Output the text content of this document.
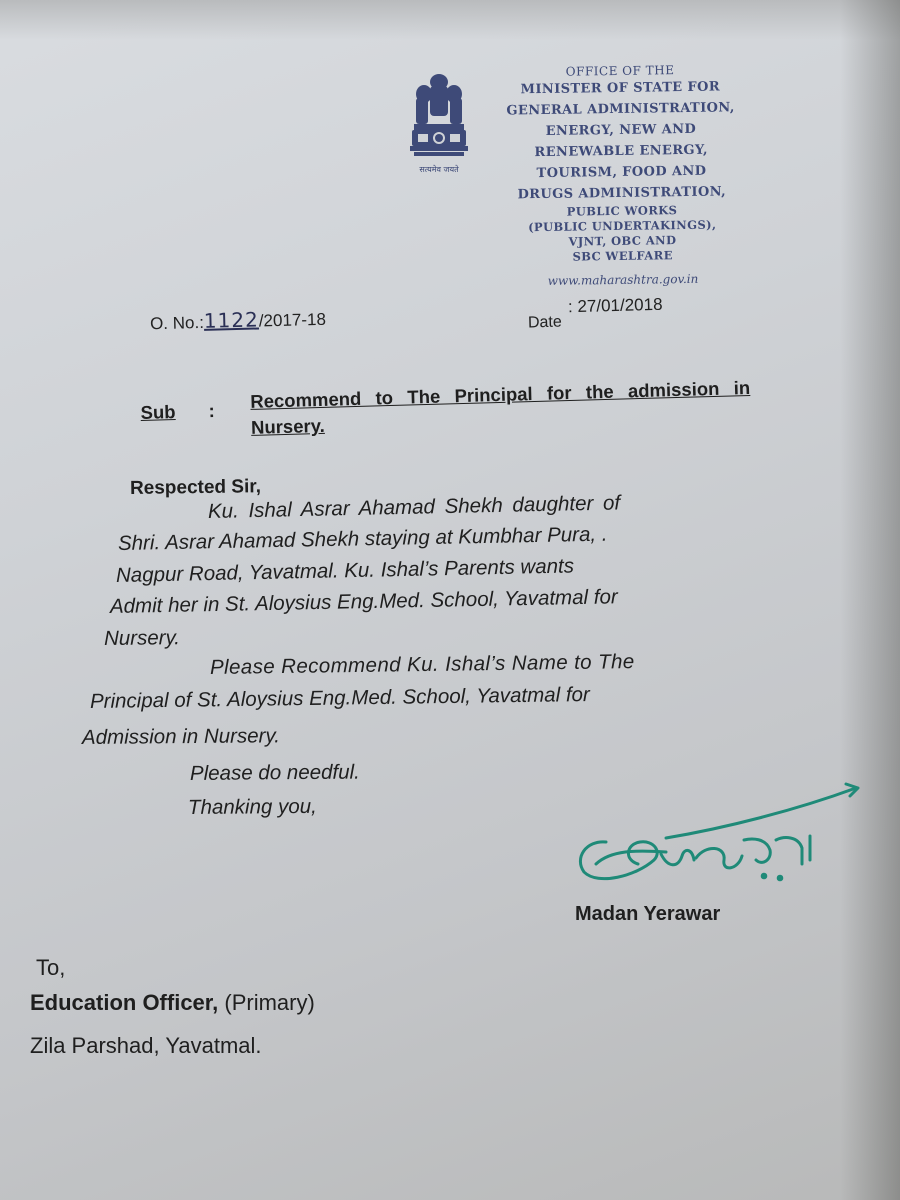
सत्यमेव जयते
OFFICE OF THE
MINISTER OF STATE FOR
GENERAL ADMINISTRATION,
ENERGY, NEW AND
RENEWABLE ENERGY,
TOURISM, FOOD AND
DRUGS ADMINISTRATION,
PUBLIC WORKS
(PUBLIC UNDERTAKINGS),
VJNT, OBC AND
SBC WELFARE
www.maharashtra.gov.in
O. No.:1122/2017-18	Date
: 27/01/2018
Sub : Recommend to The Principal for the admission in Nursery.
Respected Sir,
Ku. Ishal Asrar Ahamad Shekh daughter of
Shri. Asrar Ahamad Shekh staying at Kumbhar Pura, .
Nagpur Road, Yavatmal. Ku. Ishal’s Parents wants
Admit her in St. Aloysius Eng.Med. School, Yavatmal for
Nursery.
Please Recommend Ku. Ishal’s Name to The
Principal of St. Aloysius Eng.Med. School, Yavatmal for
Admission in Nursery.
Please do needful.
Thanking you,
Madan Yerawar
To,
Education Officer, (Primary)
Zila Parshad, Yavatmal.
